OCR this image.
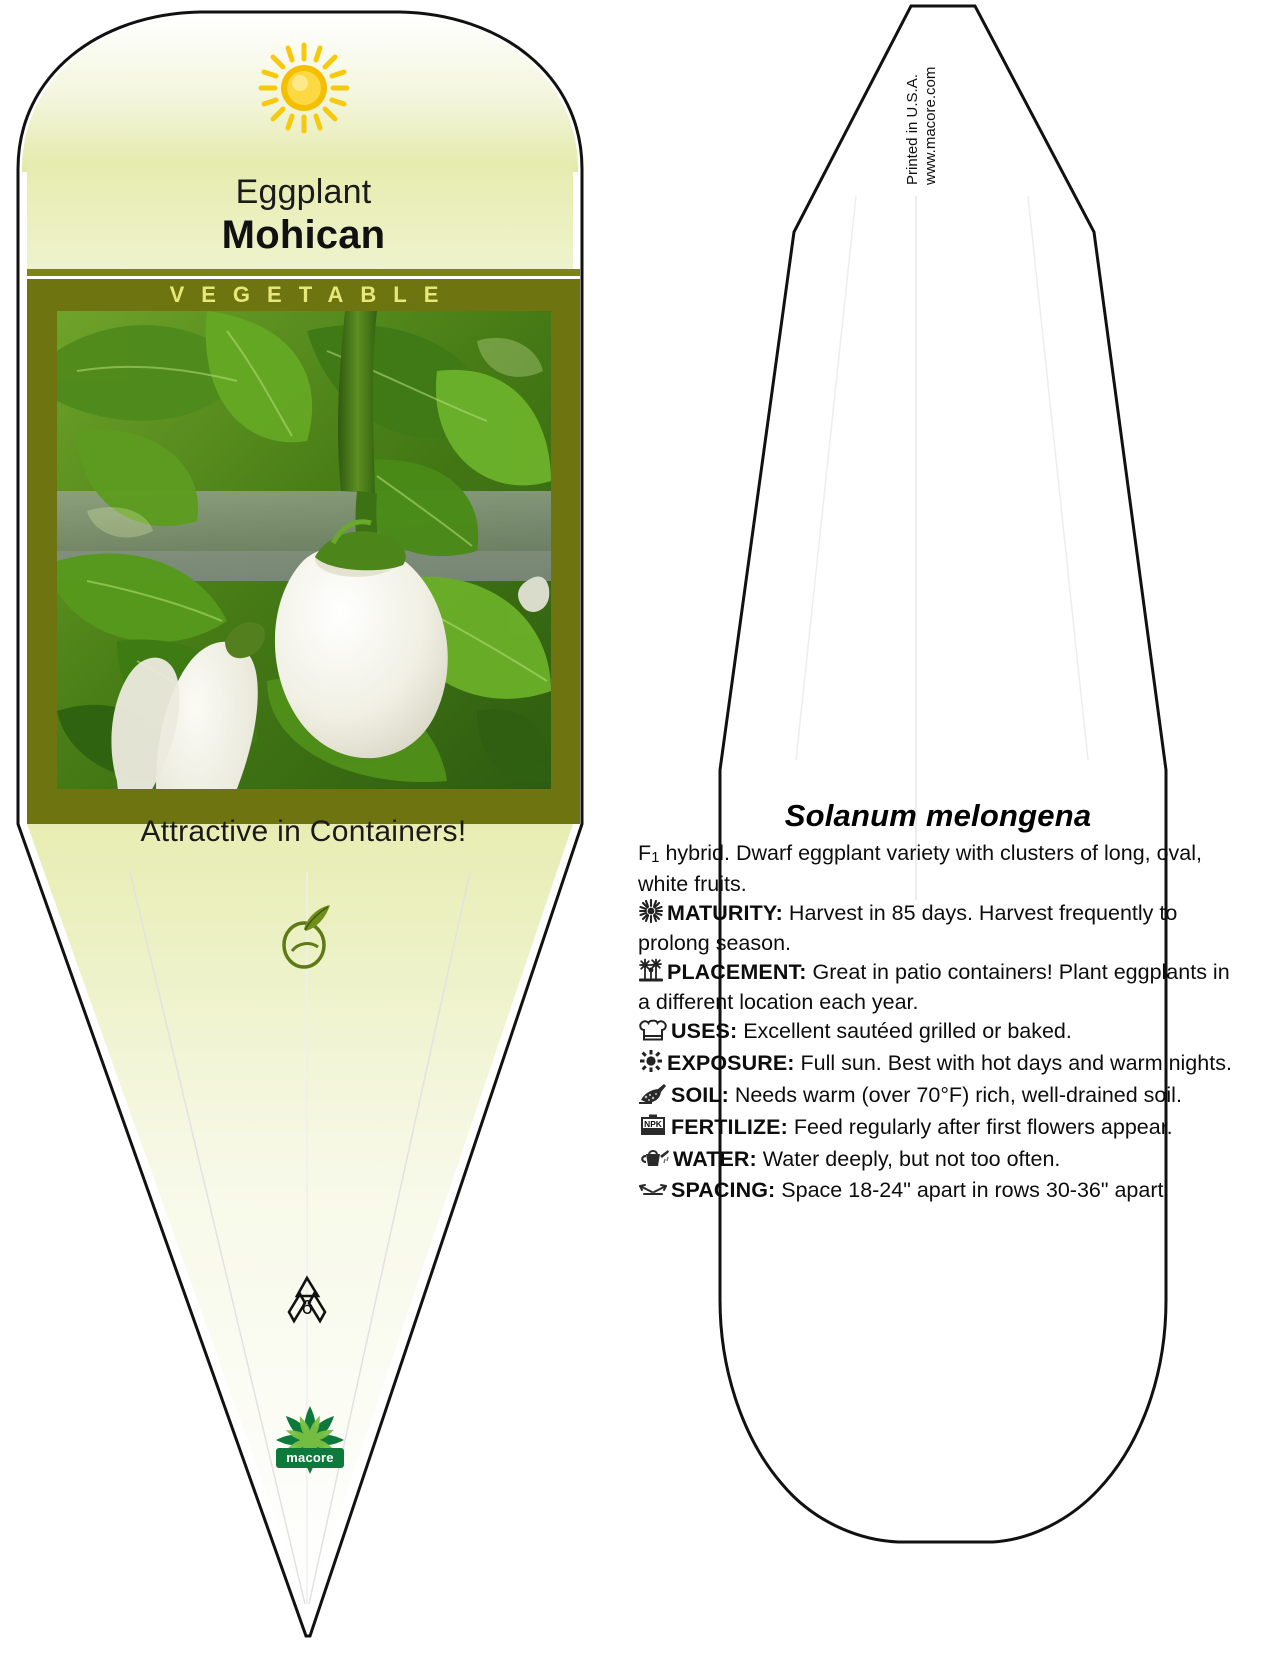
Eggplant
Mohican
VEGETABLE
Attractive in Containers!
6
macore
Printed in U.S.A. www.macore.com
Solanum melongena

F1 hybrid. Dwarf eggplant variety with clusters of long, oval, white fruits.

MATURITY: Harvest in 85 days. Harvest frequently to prolong season.

PLACEMENT: Great in patio containers! Plant eggplants in a different location each year.

USES: Excellent sautéed grilled or baked.

EXPOSURE: Full sun. Best with hot days and warm nights.

SOIL: Needs warm (over 70°F) rich, well-drained soil.

NPK FERTILIZE: Feed regularly after first flowers appear.

WATER: Water deeply, but not too often.

SPACING: Space 18-24" apart in rows 30-36" apart.
